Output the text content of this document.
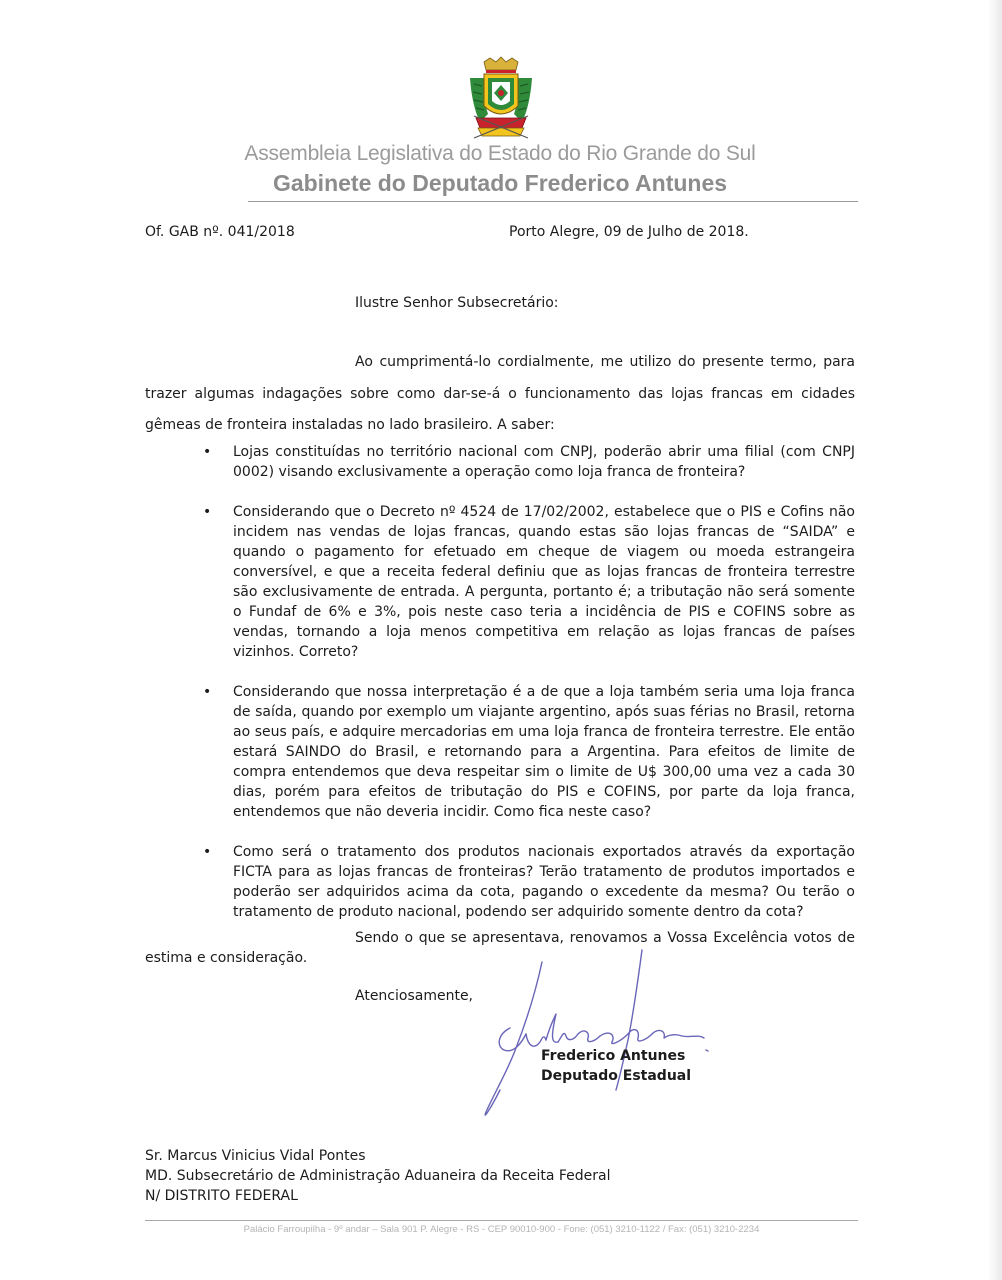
Assembleia Legislativa do Estado do Rio Grande do Sul
Gabinete do Deputado Frederico Antunes
Of. GAB nº. 041/2018	Porto Alegre, 09 de Julho de 2018.
Ilustre Senhor Subsecretário:

Ao cumprimentá-lo cordialmente, me utilizo do presente termo, para trazer algumas indagações sobre como dar-se-á o funcionamento das lojas francas em cidades gêmeas de fronteira instaladas no lado brasileiro. A saber:

• Lojas constituídas no território nacional com CNPJ, poderão abrir uma filial (com CNPJ 0002) visando exclusivamente a operação como loja franca de fronteira?
• Considerando que o Decreto nº 4524 de 17/02/2002, estabelece que o PIS e Cofins não incidem nas vendas de lojas francas, quando estas são lojas francas de “SAIDA” e quando o pagamento for efetuado em cheque de viagem ou moeda estrangeira conversível, e que a receita federal definiu que as lojas francas de fronteira terrestre são exclusivamente de entrada. A pergunta, portanto é; a tributação não será somente o Fundaf de 6% e 3%, pois neste caso teria a incidência de PIS e COFINS sobre as vendas, tornando a loja menos competitiva em relação as lojas francas de países vizinhos. Correto?
• Considerando que nossa interpretação é a de que a loja também seria uma loja franca de saída, quando por exemplo um viajante argentino, após suas férias no Brasil, retorna ao seus país, e adquire mercadorias em uma loja franca de fronteira terrestre. Ele então estará SAINDO do Brasil, e retornando para a Argentina. Para efeitos de limite de compra entendemos que deva respeitar sim o limite de U$ 300,00 uma vez a cada 30 dias, porém para efeitos de tributação do PIS e COFINS, por parte da loja franca, entendemos que não deveria incidir. Como fica neste caso?
• Como será o tratamento dos produtos nacionais exportados através da exportação FICTA para as lojas francas de fronteiras? Terão tratamento de produtos importados e poderão ser adquiridos acima da cota, pagando o excedente da mesma? Ou terão o tratamento de produto nacional, podendo ser adquirido somente dentro da cota?

Sendo o que se apresentava, renovamos a Vossa Excelência votos de estima e consideração.

Atenciosamente,
Frederico Antunes
Deputado Estadual
Sr. Marcus Vinicius Vidal Pontes
MD. Subsecretário de Administração Aduaneira da Receita Federal
N/ DISTRITO FEDERAL
Palácio Farroupilha - 9º andar – Sala 901 P. Alegre - RS - CEP 90010-900 - Fone: (051) 3210-1122 / Fax: (051) 3210-2234
